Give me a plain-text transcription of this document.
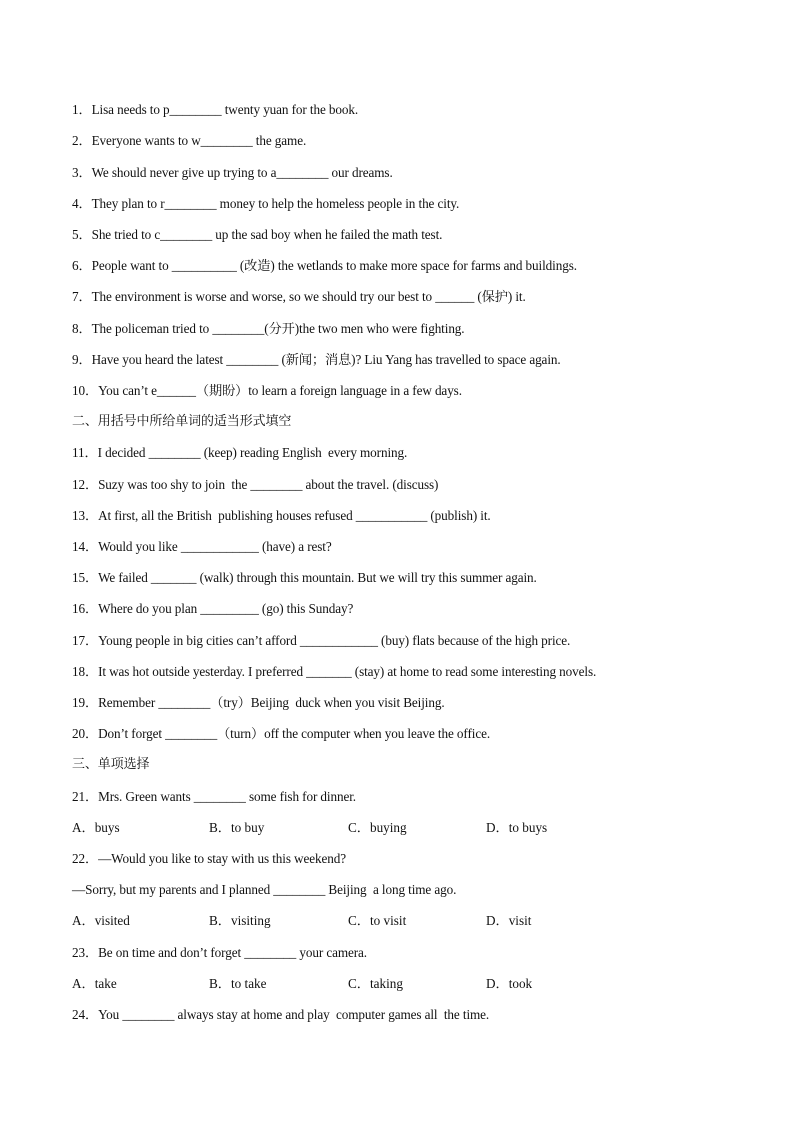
1．Lisa needs to p________ twenty yuan for the book.
2．Everyone wants to w________ the game.
3．We should never give up trying to a________ our dreams.
4．They plan to r________ money to help the homeless people in the city.
5．She tried to c________ up the sad boy when he failed the math test.
6．People want to __________ (改造) the wetlands to make more space for farms and buildings.
7．The environment is worse and worse, so we should try our best to ______ (保护) it.
8．The policeman tried to ________(分开)the two men who were fighting.
9．Have you heard the latest ________ (新闻；消息)? Liu Yang has travelled to space again.
10．You can’t e______（期盼）to learn a foreign language in a few days.
二、用括号中所给单词的适当形式填空
11．I decided ________ (keep) reading English  every morning.
12．Suzy was too shy to join  the ________ about the travel. (discuss)
13．At first, all the British  publishing houses refused ___________ (publish) it.
14．Would you like ____________ (have) a rest?
15．We failed _______ (walk) through this mountain. But we will try this summer again.
16．Where do you plan _________ (go) this Sunday?
17．Young people in big cities can’t afford ____________ (buy) flats because of the high price.
18．It was hot outside yesterday. I preferred _______ (stay) at home to read some interesting novels.
19．Remember ________（try）Beijing  duck when you visit Beijing.
20．Don’t forget ________（turn）off the computer when you leave the office.
三、单项选择
21．Mrs. Green wants ________ some fish for dinner.
A．buys	B．to buy	C．buying	D．to buys
22．—Would you like to stay with us this weekend?
—Sorry, but my parents and I planned ________ Beijing  a long time ago.
A．visited	B．visiting	C．to visit	D．visit
23．Be on time and don’t forget ________ your camera.
A．take	B．to take	C．taking	D．took
24．You ________ always stay at home and play  computer games all  the time.
